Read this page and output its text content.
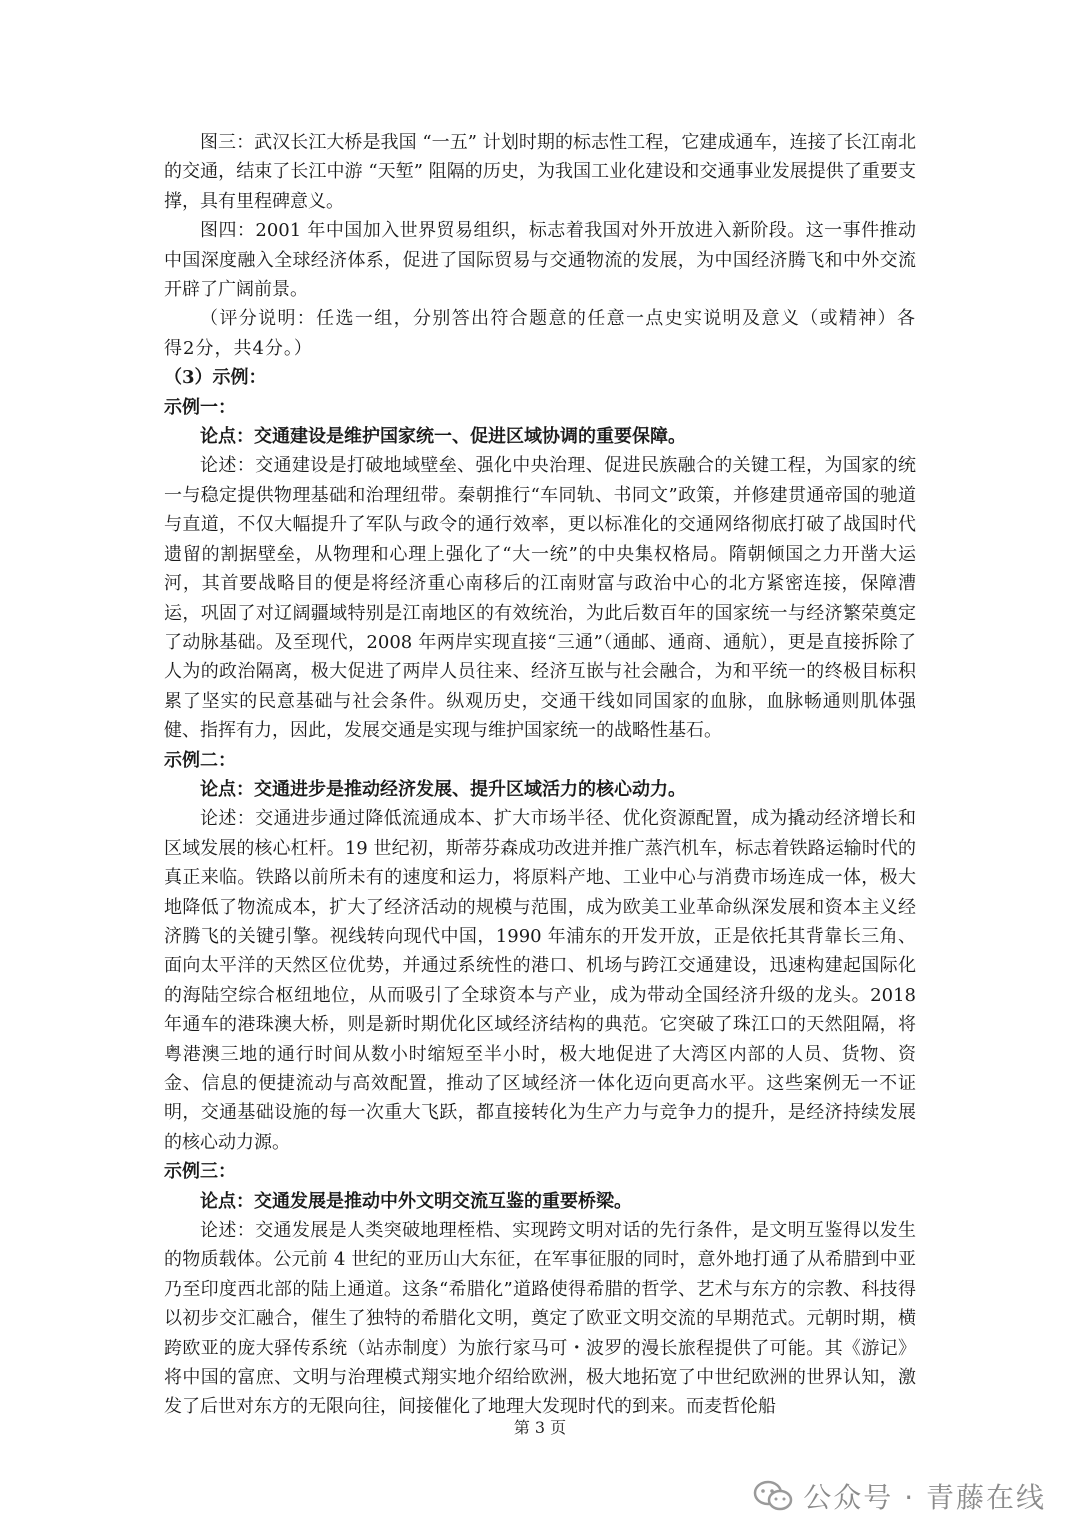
图三：武汉长江大桥是我国 “一五” 计划时期的标志性工程，它建成通车，连接了长江南北的交通，结束了长江中游 “天堑” 阻隔的历史，为我国工业化建设和交通事业发展提供了重要支撑，具有里程碑意义。

图四：2001 年中国加入世界贸易组织，标志着我国对外开放进入新阶段。这一事件推动中国深度融入全球经济体系，促进了国际贸易与交通物流的发展，为中国经济腾飞和中外交流开辟了广阔前景。

（评分说明：任选一组，分别答出符合题意的任意一点史实说明及意义（或精神）各得2分，共4分。）

（3）示例：

示例一：

论点：交通建设是维护国家统一、促进区域协调的重要保障。

论述：交通建设是打破地域壁垒、强化中央治理、促进民族融合的关键工程，为国家的统一与稳定提供物理基础和治理纽带。秦朝推行“车同轨、书同文”政策，并修建贯通帝国的驰道与直道，不仅大幅提升了军队与政令的通行效率，更以标准化的交通网络彻底打破了战国时代遗留的割据壁垒，从物理和心理上强化了“大一统”的中央集权格局。隋朝倾国之力开凿大运河，其首要战略目的便是将经济重心南移后的江南财富与政治中心的北方紧密连接，保障漕运，巩固了对辽阔疆域特别是江南地区的有效统治，为此后数百年的国家统一与经济繁荣奠定了动脉基础。及至现代，2008 年两岸实现直接“三通”（通邮、通商、通航），更是直接拆除了人为的政治隔离，极大促进了两岸人员往来、经济互嵌与社会融合，为和平统一的终极目标积累了坚实的民意基础与社会条件。纵观历史，交通干线如同国家的血脉，血脉畅通则肌体强健、指挥有力，因此，发展交通是实现与维护国家统一的战略性基石。

示例二：

论点：交通进步是推动经济发展、提升区域活力的核心动力。

论述：交通进步通过降低流通成本、扩大市场半径、优化资源配置，成为撬动经济增长和区域发展的核心杠杆。19 世纪初，斯蒂芬森成功改进并推广蒸汽机车，标志着铁路运输时代的真正来临。铁路以前所未有的速度和运力，将原料产地、工业中心与消费市场连成一体，极大地降低了物流成本，扩大了经济活动的规模与范围，成为欧美工业革命纵深发展和资本主义经济腾飞的关键引擎。视线转向现代中国，1990 年浦东的开发开放，正是依托其背靠长三角、面向太平洋的天然区位优势，并通过系统性的港口、机场与跨江交通建设，迅速构建起国际化的海陆空综合枢纽地位，从而吸引了全球资本与产业，成为带动全国经济升级的龙头。2018 年通车的港珠澳大桥，则是新时期优化区域经济结构的典范。它突破了珠江口的天然阻隔，将粤港澳三地的通行时间从数小时缩短至半小时，极大地促进了大湾区内部的人员、货物、资金、信息的便捷流动与高效配置，推动了区域经济一体化迈向更高水平。这些案例无一不证明，交通基础设施的每一次重大飞跃，都直接转化为生产力与竞争力的提升，是经济持续发展的核心动力源。

示例三：

论点：交通发展是推动中外文明交流互鉴的重要桥梁。

论述：交通发展是人类突破地理桎梏、实现跨文明对话的先行条件，是文明互鉴得以发生的物质载体。公元前 4 世纪的亚历山大东征，在军事征服的同时，意外地打通了从希腊到中亚乃至印度西北部的陆上通道。这条“希腊化”道路使得希腊的哲学、艺术与东方的宗教、科技得以初步交汇融合，催生了独特的希腊化文明，奠定了欧亚文明交流的早期范式。元朝时期，横跨欧亚的庞大驿传系统（站赤制度）为旅行家马可・波罗的漫长旅程提供了可能。其《游记》将中国的富庶、文明与治理模式翔实地介绍给欧洲，极大地拓宽了中世纪欧洲的世界认知，激发了后世对东方的无限向往，间接催化了地理大发现时代的到来。而麦哲伦船

第 3 页
公众号 · 青藤在线
